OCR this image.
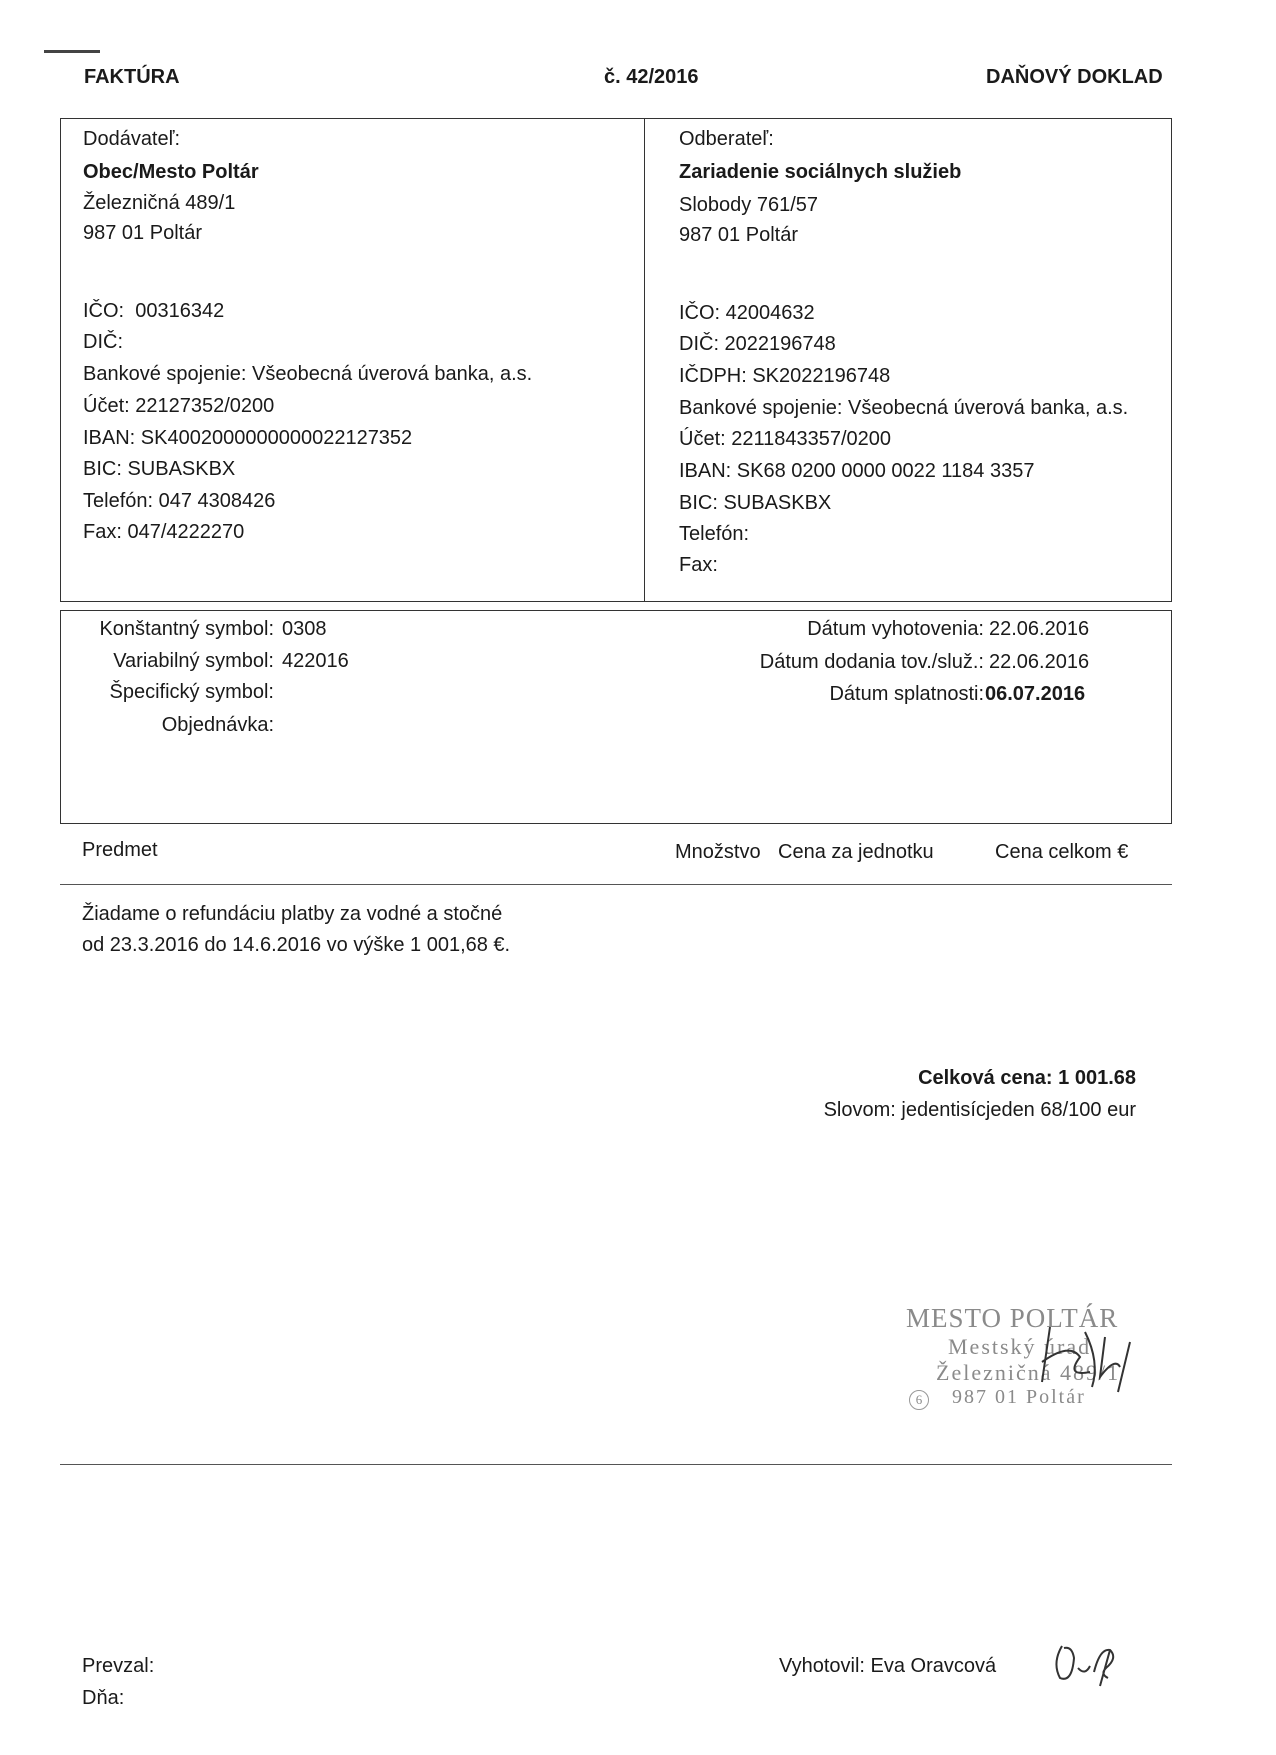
FAKTÚRA	č. 42/2016	DAŇOVÝ DOKLAD
Dodávateľ:
Obec/Mesto Poltár
Železničná 489/1
987 01 Poltár
IČO:  00316342
DIČ:
Bankové spojenie: Všeobecná úverová banka, a.s.
Účet: 22127352/0200
IBAN: SK4002000000000022127352
BIC: SUBASKBX
Telefón: 047 4308426
Fax: 047/4222270
Odberateľ:
Zariadenie sociálnych služieb
Slobody 761/57
987 01 Poltár
IČO: 42004632
DIČ: 2022196748
IČDPH: SK2022196748
Bankové spojenie: Všeobecná úverová banka, a.s.
Účet: 2211843357/0200
IBAN: SK68 0200 0000 0022 1184 3357
BIC: SUBASKBX
Telefón:
Fax:
Konštantný symbol: 0308
Variabilný symbol: 422016
Špecifický symbol:
Objednávka:
Dátum vyhotovenia: 22.06.2016
Dátum dodania tov./služ.: 22.06.2016
Dátum splatnosti: 06.07.2016
Predmet	Množstvo Cena za jednotku	Cena celkom €
Žiadame o refundáciu platby za vodné a stočné
od 23.3.2016 do 14.6.2016 vo výške 1 001,68 €.
Celková cena: 1 001.68
Slovom: jedentisícjeden 68/100 eur
MESTO POLTÁR
Mestský úrad
Železničná 489/1
6	987 01 Poltár
Prevzal:
Dňa:
Vyhotovil: Eva Oravcová
